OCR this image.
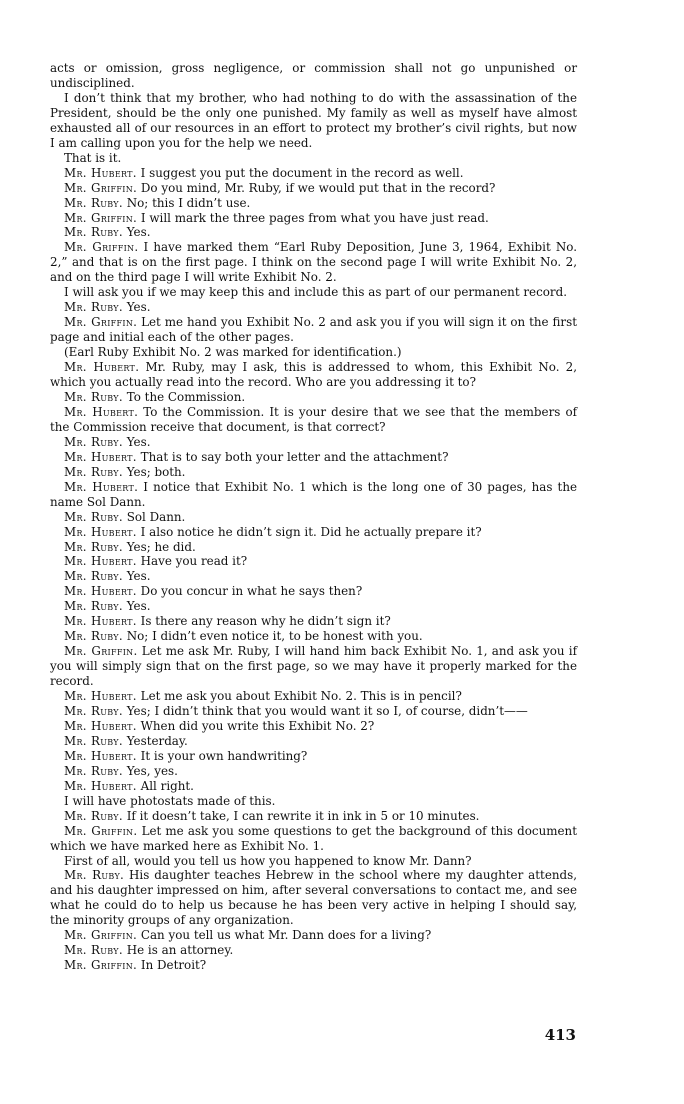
acts or omission, gross negligence, or commission shall not go unpunished or undisciplined.

I don’t think that my brother, who had nothing to do with the assassination of the President, should be the only one punished. My family as well as myself have almost exhausted all of our resources in an effort to protect my brother’s civil rights, but now I am calling upon you for the help we need.

That is it.

Mr. Hubert. I suggest you put the document in the record as well.

Mr. Griffin. Do you mind, Mr. Ruby, if we would put that in the record?

Mr. Ruby. No; this I didn’t use.

Mr. Griffin. I will mark the three pages from what you have just read.

Mr. Ruby. Yes.

Mr. Griffin. I have marked them “Earl Ruby Deposition, June 3, 1964, Exhibit No. 2,” and that is on the first page. I think on the second page I will write Exhibit No. 2, and on the third page I will write Exhibit No. 2.

I will ask you if we may keep this and include this as part of our permanent record.

Mr. Ruby. Yes.

Mr. Griffin. Let me hand you Exhibit No. 2 and ask you if you will sign it on the first page and initial each of the other pages.

(Earl Ruby Exhibit No. 2 was marked for identification.)

Mr. Hubert. Mr. Ruby, may I ask, this is addressed to whom, this Exhibit No. 2, which you actually read into the record. Who are you addressing it to?

Mr. Ruby. To the Commission.

Mr. Hubert. To the Commission. It is your desire that we see that the members of the Commission receive that document, is that correct?

Mr. Ruby. Yes.

Mr. Hubert. That is to say both your letter and the attachment?

Mr. Ruby. Yes; both.

Mr. Hubert. I notice that Exhibit No. 1 which is the long one of 30 pages, has the name Sol Dann.

Mr. Ruby. Sol Dann.

Mr. Hubert. I also notice he didn’t sign it. Did he actually prepare it?

Mr. Ruby. Yes; he did.

Mr. Hubert. Have you read it?

Mr. Ruby. Yes.

Mr. Hubert. Do you concur in what he says then?

Mr. Ruby. Yes.

Mr. Hubert. Is there any reason why he didn’t sign it?

Mr. Ruby. No; I didn’t even notice it, to be honest with you.

Mr. Griffin. Let me ask Mr. Ruby, I will hand him back Exhibit No. 1, and ask you if you will simply sign that on the first page, so we may have it properly marked for the record.

Mr. Hubert. Let me ask you about Exhibit No. 2. This is in pencil?

Mr. Ruby. Yes; I didn’t think that you would want it so I, of course, didn’t——

Mr. Hubert. When did you write this Exhibit No. 2?

Mr. Ruby. Yesterday.

Mr. Hubert. It is your own handwriting?

Mr. Ruby. Yes, yes.

Mr. Hubert. All right.

I will have photostats made of this.

Mr. Ruby. If it doesn’t take, I can rewrite it in ink in 5 or 10 minutes.

Mr. Griffin. Let me ask you some questions to get the background of this document which we have marked here as Exhibit No. 1.

First of all, would you tell us how you happened to know Mr. Dann?

Mr. Ruby. His daughter teaches Hebrew in the school where my daughter attends, and his daughter impressed on him, after several conversations to contact me, and see what he could do to help us because he has been very active in helping I should say, the minority groups of any organization.

Mr. Griffin. Can you tell us what Mr. Dann does for a living?

Mr. Ruby. He is an attorney.

Mr. Griffin. In Detroit?

413
